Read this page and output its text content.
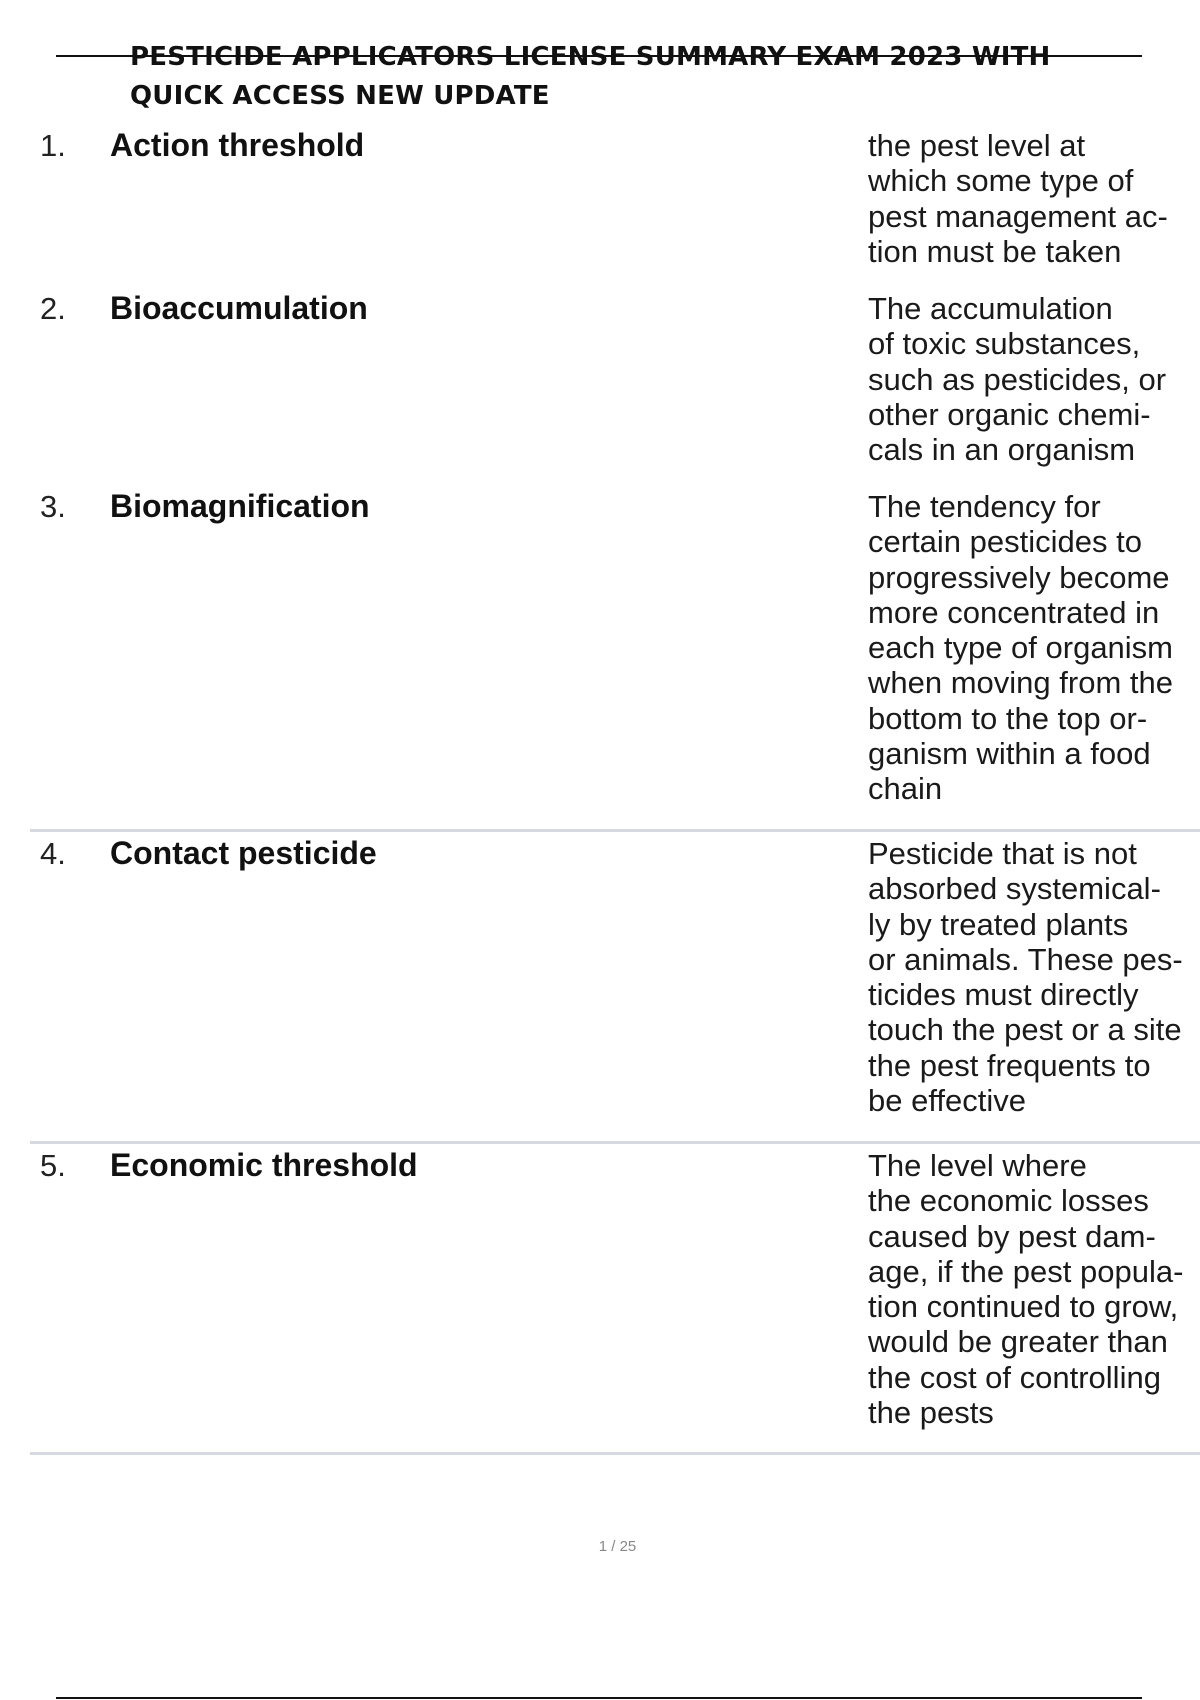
PESTICIDE APPLICATORS LICENSE SUMMARY EXAM 2023 WITH
QUICK ACCESS NEW UPDATE
1. Action threshold	the pest level at
which some type of
pest management ac-
tion must be taken
2. Bioaccumulation	The accumulation
of toxic substances,
such as pesticides, or
other organic chemi-
cals in an organism
3. Biomagnification	The tendency for
certain pesticides to
progressively become
more concentrated in
each type of organism
when moving from the
bottom to the top or-
ganism within a food
chain
4. Contact pesticide	Pesticide that is not
absorbed systemical-
ly by treated plants
or animals. These pes-
ticides must directly
touch the pest or a site
the pest frequents to
be effective
5. Economic threshold	The level where
the economic losses
caused by pest dam-
age, if the pest popula-
tion continued to grow,
would be greater than
the cost of controlling
the pests
1 / 25
